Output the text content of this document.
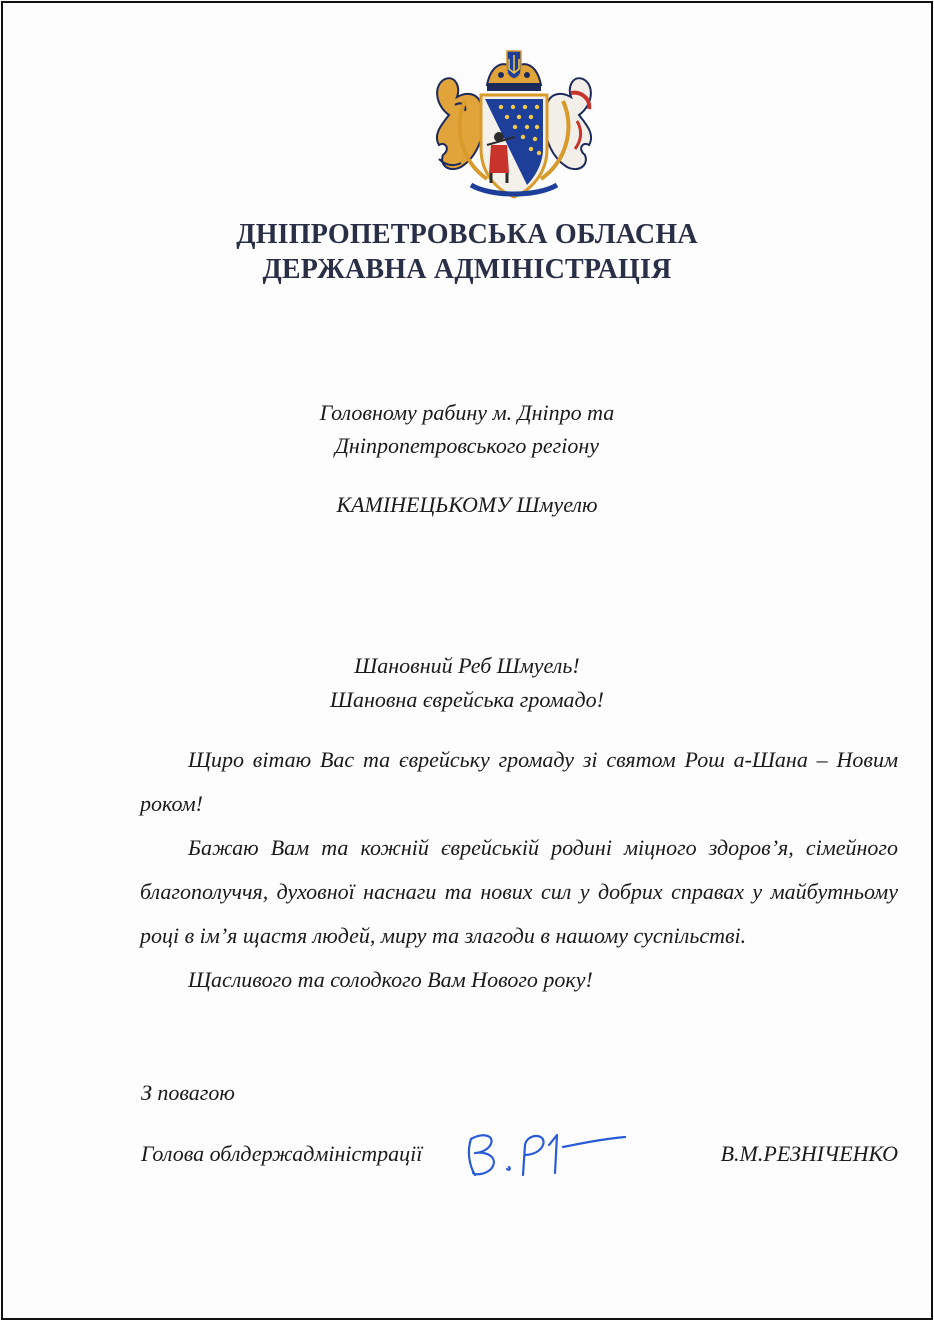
ДНІПРОПЕТРОВСЬКА ОБЛАСНА
ДЕРЖАВНА АДМІНІСТРАЦІЯ
Головному рабину м. Дніпро та
Дніпропетровського регіону
КАМІНЕЦЬКОМУ Шмуелю
Шановний Реб Шмуель!
Шановна єврейська громадо!

Щиро вітаю Вас та єврейську громаду зі святом Рош а-Шана – Новим роком!

Бажаю Вам та кожній єврейській родині міцного здоров’я, сімейного благополуччя, духовної наснаги та нових сил у добрих справах у майбутньому році в ім’я щастя людей, миру та злагоди в нашому суспільстві.

Щасливого та солодкого Вам Нового року!

З повагою
Голова облдержадміністрації	В.М.РЕЗНІЧЕНКО
